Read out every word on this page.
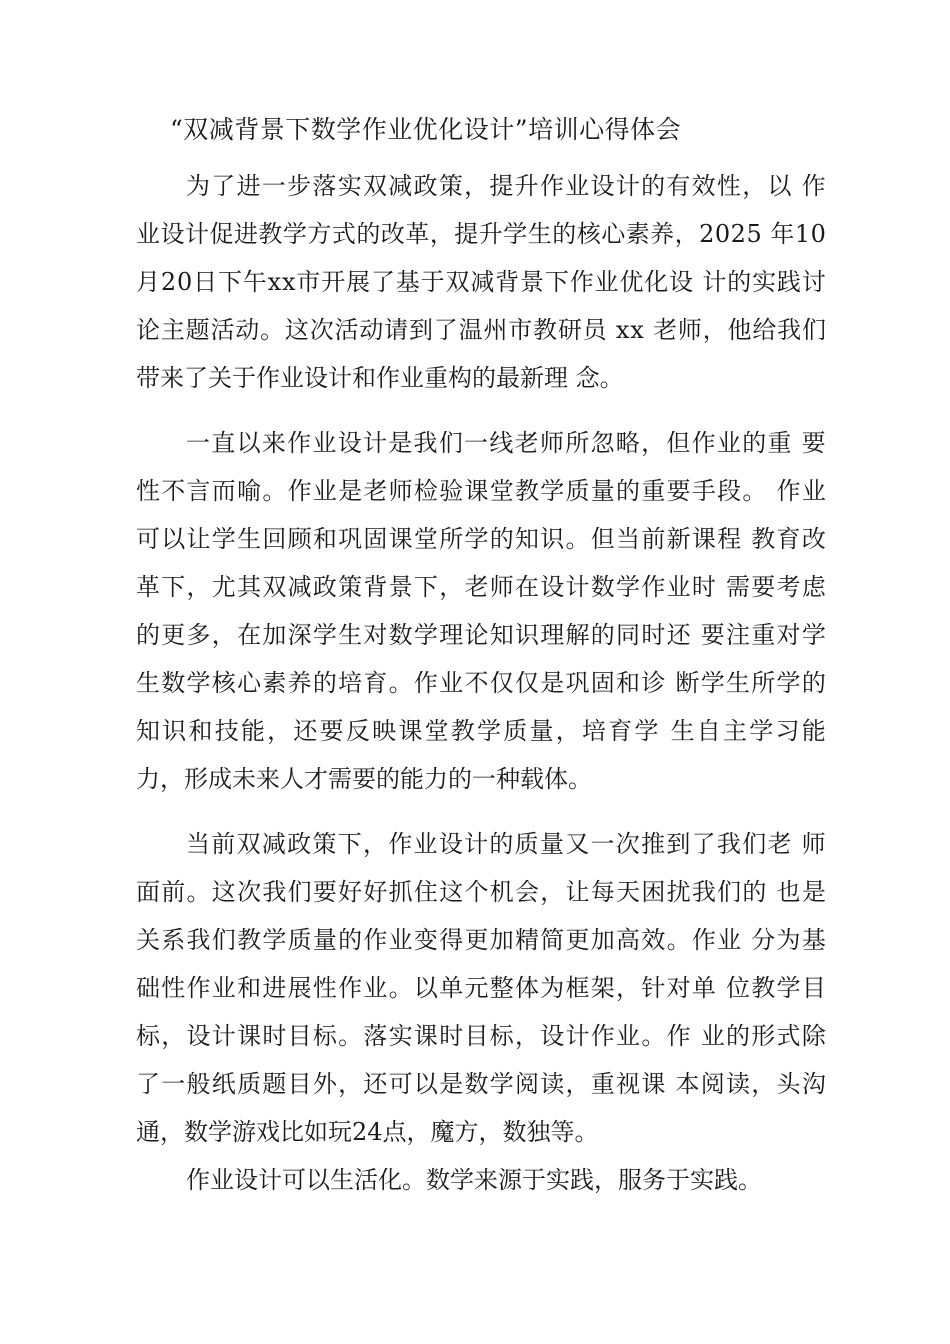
“双减背景下数学作业优化设计”培训心得体会
为 了 进 一 步 落 实 双 减 政 策 ， 提 升 作 业 设 计 的 有 效 性 ， 以
作
业 设 计 促 进 教 学 方 式 的 改 革 ， 提 升 学 生 的 核 心 素 养 ， 2 0 2 5
年 1 0
月 2 0 日 下 午 x x 市 开 展 了 基 于 双 减 背 景 下 作 业 优 化 设
计 的 实 践 讨
论 主 题 活 动 。 这 次 活 动 请 到 了 温 州 市 教 研 员
x x
老 师 ， 他 给 我 们
带来了关于作业设计和作业重构的最新理 念。
一 直 以 来 作 业 设 计 是 我 们 一 线 老 师 所 忽 略 ， 但 作 业 的 重
要
性 不 言 而 喻 。 作 业 是 老 师 检 验 课 堂 教 学 质 量 的 重 要 手 段 。
作 业
可 以 让 学 生 回 顾 和 巩 固 课 堂 所 学 的 知 识 。 但 当 前 新 课 程
教 育 改
革 下 ， 尤 其 双 减 政 策 背 景 下 ， 老 师 在 设 计 数 学 作 业 时
需 要 考 虑
的 更 多 ， 在 加 深 学 生 对 数 学 理 论 知 识 理 解 的 同 时 还
要 注 重 对 学
生 数 学 核 心 素 养 的 培 育 。 作 业 不 仅 仅 是 巩 固 和 诊
断 学 生 所 学 的
知 识 和 技 能 ， 还 要 反 映 课 堂 教 学 质 量 ， 培 育 学
生 自 主 学 习 能
力，形成未来人才需要的能力的一种载体。
当 前 双 减 政 策 下 ， 作 业 设 计 的 质 量 又 一 次 推 到 了 我 们 老
师
面 前 。 这 次 我 们 要 好 好 抓 住 这 个 机 会 ， 让 每 天 困 扰 我 们 的
也 是
关 系 我 们 教 学 质 量 的 作 业 变 得 更 加 精 简 更 加 高 效 。 作 业
分 为 基
础 性 作 业 和 进 展 性 作 业 。 以 单 元 整 体 为 框 架 ， 针 对 单
位 教 学 目
标 ， 设 计 课 时 目 标 。 落 实 课 时 目 标 ， 设 计 作 业 。 作
业 的 形 式 除
了 一 般 纸 质 题 目 外 ， 还 可 以 是 数 学 阅 读 ， 重 视 课
本 阅 读 ， 头 沟
通，数学游戏比如玩24点，魔方，数独等。
作业设计可以生活化。数学来源于实践，服务于实践。
